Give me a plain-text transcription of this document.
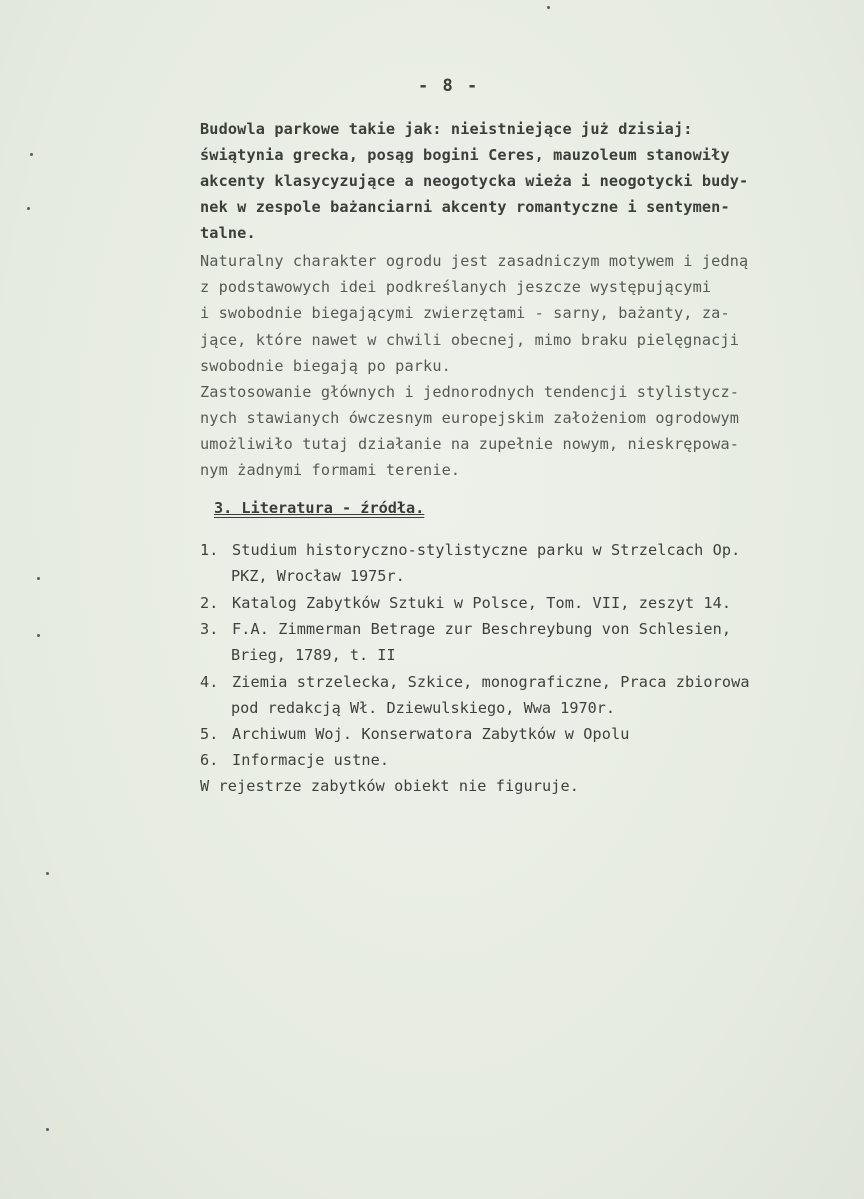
- 8 -
Budowla parkowe takie jak: nieistniejące już dzisiaj:
świątynia grecka, posąg bogini Ceres, mauzoleum stanowiły
akcenty klasycyzujące a neogotycka wieża i neogotycki budy-
nek w zespole bażanciarni akcenty romantyczne i sentymen-
talne.
Naturalny charakter ogrodu jest zasadniczym motywem i jedną
z podstawowych idei podkreślanych jeszcze występującymi
i swobodnie biegającymi zwierzętami - sarny, bażanty, za-
jące, które nawet w chwili obecnej, mimo braku pielęgnacji
swobodnie biegają po parku.
Zastosowanie głównych i jednorodnych tendencji stylistycz-
nych stawianych ówczesnym europejskim założeniom ogrodowym
umożliwiło tutaj działanie na zupełnie nowym, nieskrępowa-
nym żadnymi formami terenie.
3. Literatura - źródła.
1. Studium historyczno-stylistyczne parku w Strzelcach Op.
PKZ, Wrocław 1975r.
2. Katalog Zabytków Sztuki w Polsce, Tom. VII, zeszyt 14.
3. F.A. Zimmerman Betrage zur Beschreybung von Schlesien,
Brieg, 1789, t. II
4. Ziemia strzelecka, Szkice, monograficzne, Praca zbiorowa
pod redakcją Wł. Dziewulskiego, Wwa 1970r.
5. Archiwum Woj. Konserwatora Zabytków w Opolu
6. Informacje ustne.
W rejestrze zabytków obiekt nie figuruje.
